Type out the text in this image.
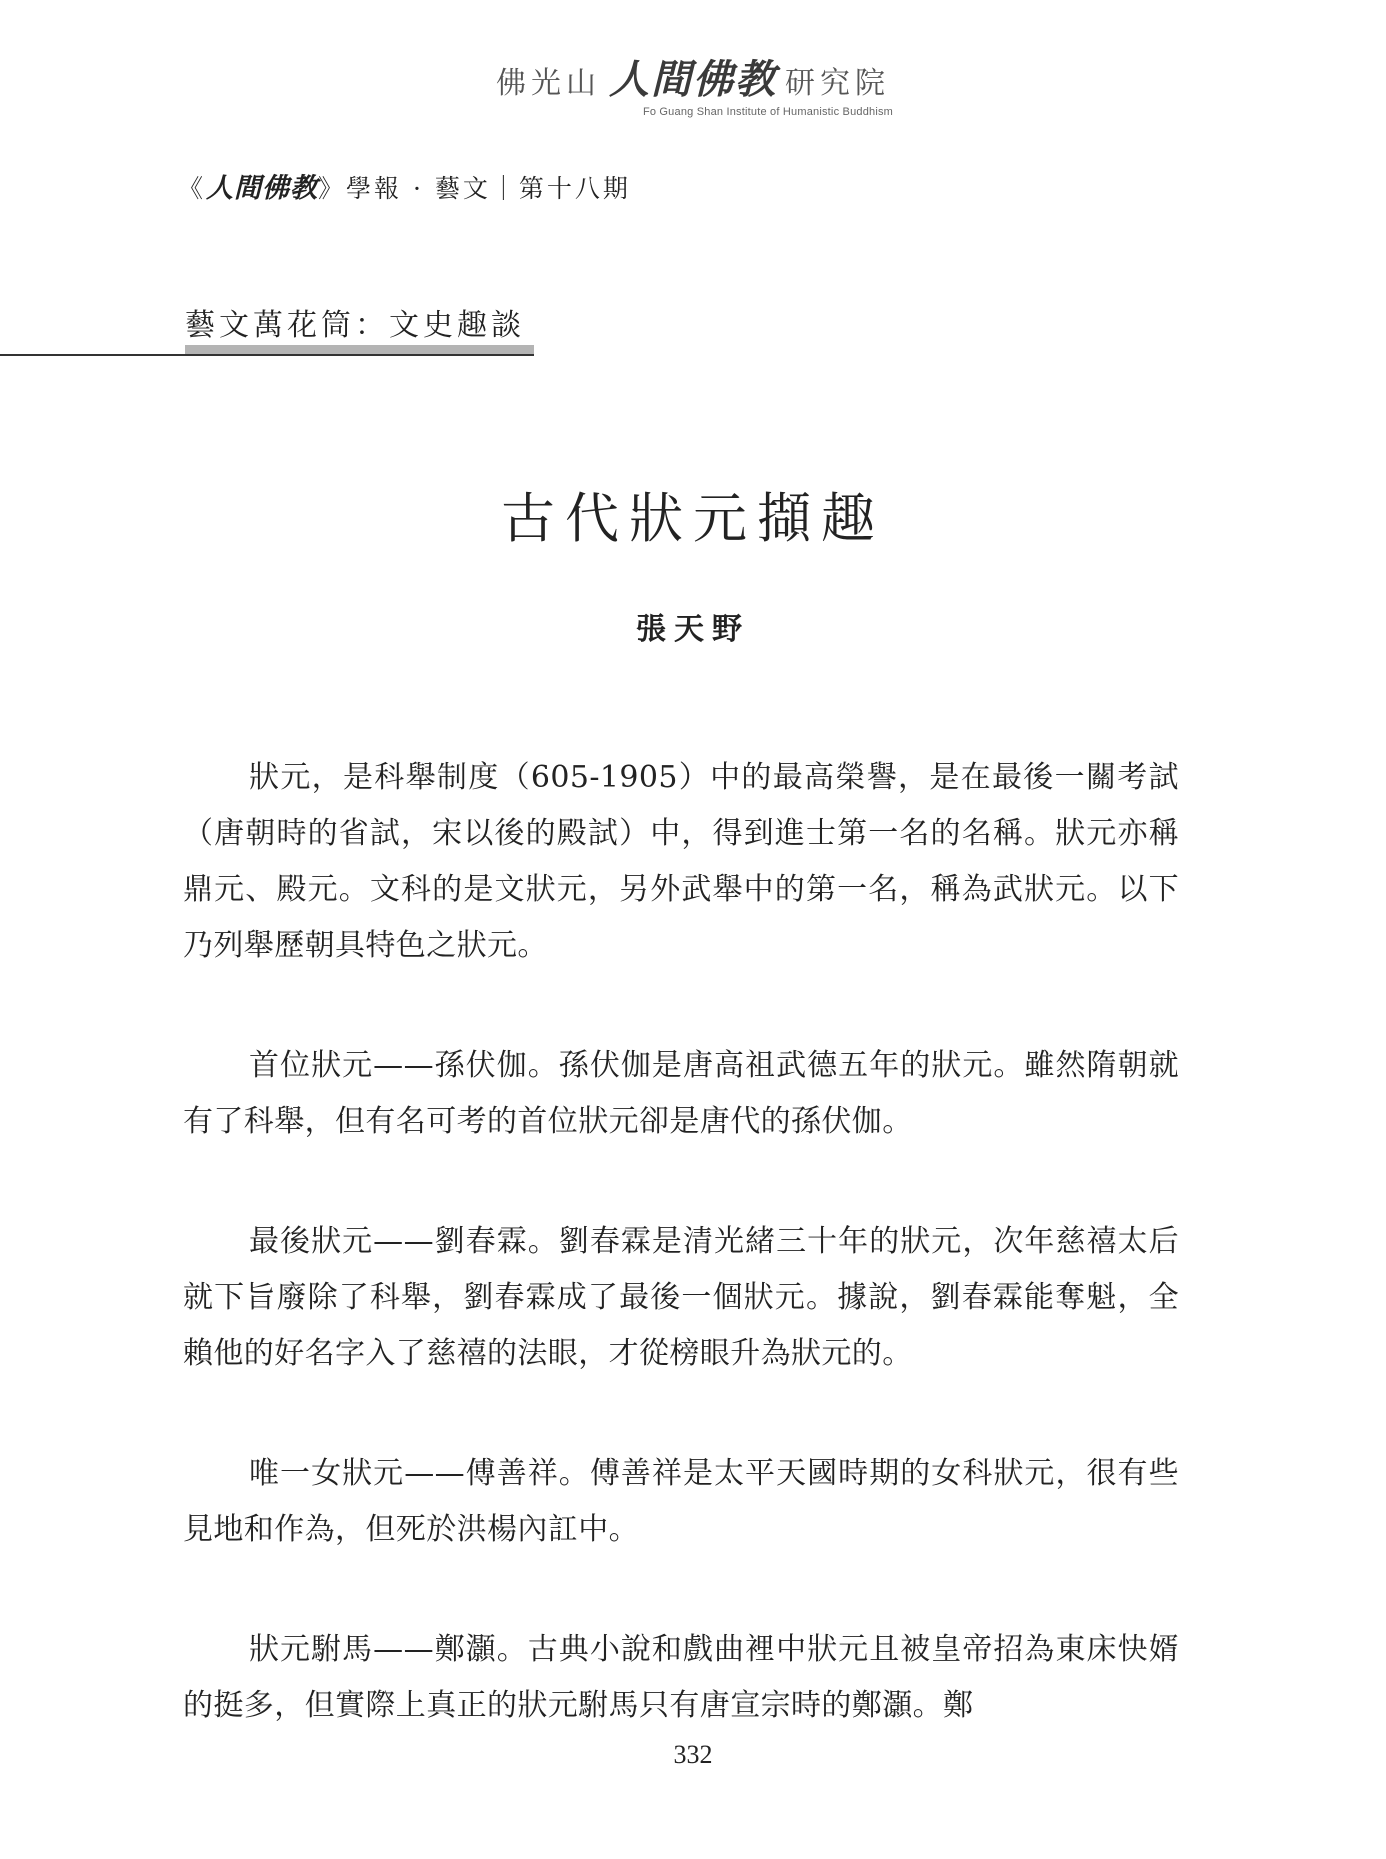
佛光山 人間佛教 研究院
Fo Guang Shan Institute of Humanistic Buddhism
《人間佛教》學報 · 藝文｜第十八期
藝文萬花筒：文史趣談
古代狀元擷趣
張天野

狀元，是科舉制度（605-1905）中的最高榮譽，是在最後一關考試（唐朝時的省試，宋以後的殿試）中，得到進士第一名的名稱。狀元亦稱鼎元、殿元。文科的是文狀元，另外武舉中的第一名，稱為武狀元。以下乃列舉歷朝具特色之狀元。

首位狀元——孫伏伽。孫伏伽是唐高祖武德五年的狀元。雖然隋朝就有了科舉，但有名可考的首位狀元卻是唐代的孫伏伽。

最後狀元——劉春霖。劉春霖是清光緒三十年的狀元，次年慈禧太后就下旨廢除了科舉，劉春霖成了最後一個狀元。據說，劉春霖能奪魁，全賴他的好名字入了慈禧的法眼，才從榜眼升為狀元的。

唯一女狀元——傅善祥。傅善祥是太平天國時期的女科狀元，很有些見地和作為，但死於洪楊內訌中。

狀元駙馬——鄭灝。古典小說和戲曲裡中狀元且被皇帝招為東床快婿的挺多，但實際上真正的狀元駙馬只有唐宣宗時的鄭灝。鄭

332
